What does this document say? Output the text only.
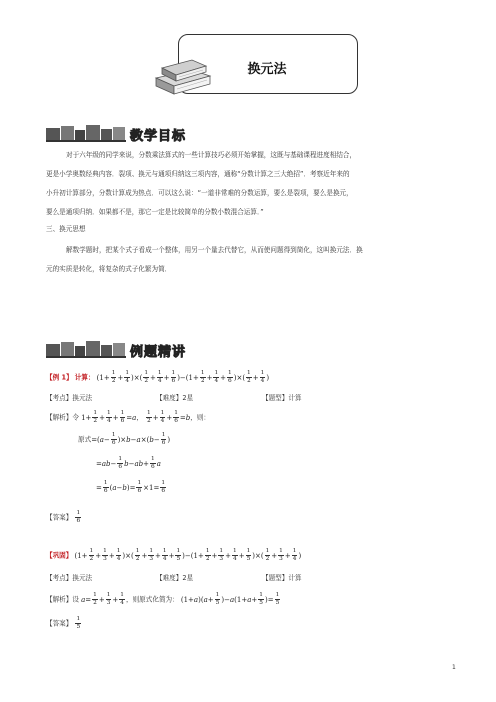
换元法
教学目标
对于六年级的同学来说，分数乘法算式的一些计算技巧必须开始掌握，这既与基础课程进度相结合，
更是小学奥数经典内容．裂项、换元与通项归纳这三项内容，通称“分数计算之三大绝招”．考察近年来的
小升初计算部分，分数计算成为热点．可以这么说：“一道非常难的分数运算，要么是裂项，要么是换元，
要么是通项归纳．如果都不是，那它一定是比较简单的分数小数混合运算．”
三、换元思想
解数学题时，把某个式子看成一个整体，用另一个量去代替它，从而使问题得到简化，这叫换元法．换
元的实质是转化，将复杂的式子化繁为简．
例题精讲
【例 1】 计算： ($1+ \frac{1}{2} + \frac{1}{4}$ )×( $\frac{1}{2} + \frac{1}{4} + \frac{1}{6} )-(1+ \frac{1}{2} + \frac{1}{4} + \frac{1}{6}$ )×( $\frac{1}{2} + \frac{1}{4}$ )
【考点】换元法	【难度】2星	【题型】计算
【解析】令 $1+ \frac{1}{2} + \frac{1}{4} + \frac{1}{6} =a$， $\frac{1}{2} + \frac{1}{4} + \frac{1}{6} =b$，则：
原式$=(a- \frac{1}{6} )\times b-a\times(b- \frac{1}{6}$ )
$=ab- \frac{1}{6} b-ab+ \frac{1}{6}$ a
= $\frac{1}{6} (a-b)= \frac{1}{6} \times 1= \frac{1}{6}$
【答案】 $\frac{1}{6}$
【巩固】 ($1+ \frac{1}{2} + \frac{1}{3} + \frac{1}{4}$ )×( $\frac{1}{2} + \frac{1}{3} + \frac{1}{4} + \frac{1}{5} )-(1+ \frac{1}{2} + \frac{1}{3} + \frac{1}{4} + \frac{1}{5}$ )×( $\frac{1}{2} + \frac{1}{3} + \frac{1}{4}$ )
【考点】换元法	【难度】2星	【题型】计算
【解析】设 $a= \frac{1}{2} + \frac{1}{3} + \frac{1}{4}$ ，则原式化简为： $(1+a)(a+ \frac{1}{5} )-a(1+a+ \frac{1}{5}$ )= $\frac{1}{5}$
【答案】 $\frac{1}{5}$
1
